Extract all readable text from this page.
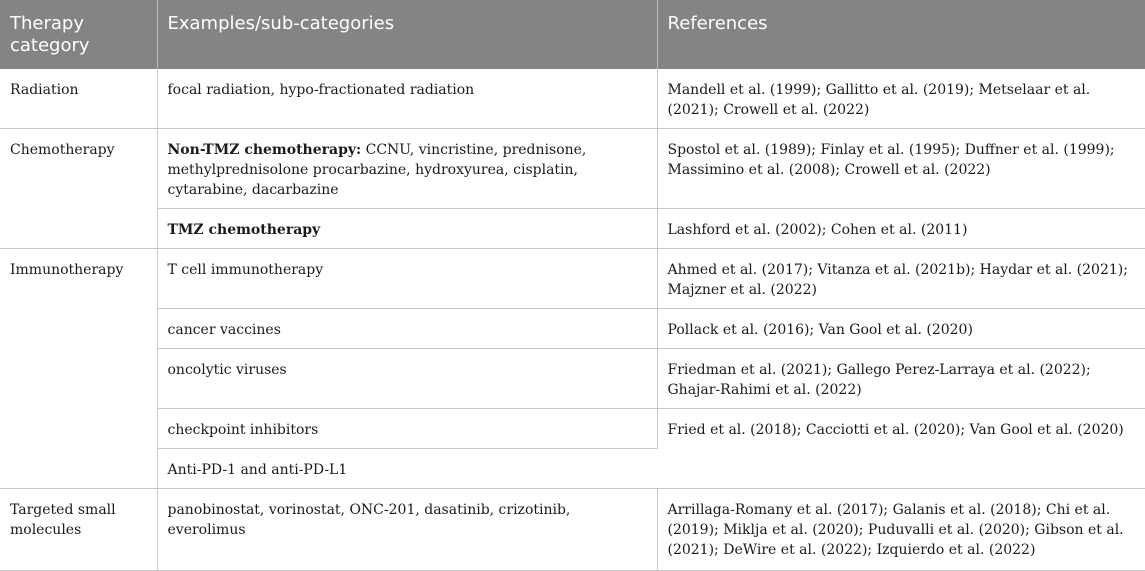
Therapy category	Examples/sub-categories	References
Radiation	focal radiation, hypo-fractionated radiation	Mandell et al. (1999); Gallitto et al. (2019); Metselaar et al. (2021); Crowell et al. (2022)
Chemotherapy	Non-TMZ chemotherapy: CCNU, vincristine, prednisone, methylprednisolone procarbazine, hydroxyurea, cisplatin, cytarabine, dacarbazine	Spostol et al. (1989); Finlay et al. (1995); Duffner et al. (1999); Massimino et al. (2008); Crowell et al. (2022)
	TMZ chemotherapy	Lashford et al. (2002); Cohen et al. (2011)
Immunotherapy	T cell immunotherapy	Ahmed et al. (2017); Vitanza et al. (2021b); Haydar et al. (2021); Majzner et al. (2022)
	cancer vaccines	Pollack et al. (2016); Van Gool et al. (2020)
	oncolytic viruses	Friedman et al. (2021); Gallego Perez-Larraya et al. (2022); Ghajar-Rahimi et al. (2022)
	checkpoint inhibitors	Fried et al. (2018); Cacciotti et al. (2020); Van Gool et al. (2020)
	Anti-PD-1 and anti-PD-L1	
Targeted small molecules	panobinostat, vorinostat, ONC-201, dasatinib, crizotinib, everolimus	Arrillaga-Romany et al. (2017); Galanis et al. (2018); Chi et al. (2019); Miklja et al. (2020); Puduvalli et al. (2020); Gibson et al. (2021); DeWire et al. (2022); Izquierdo et al. (2022)
